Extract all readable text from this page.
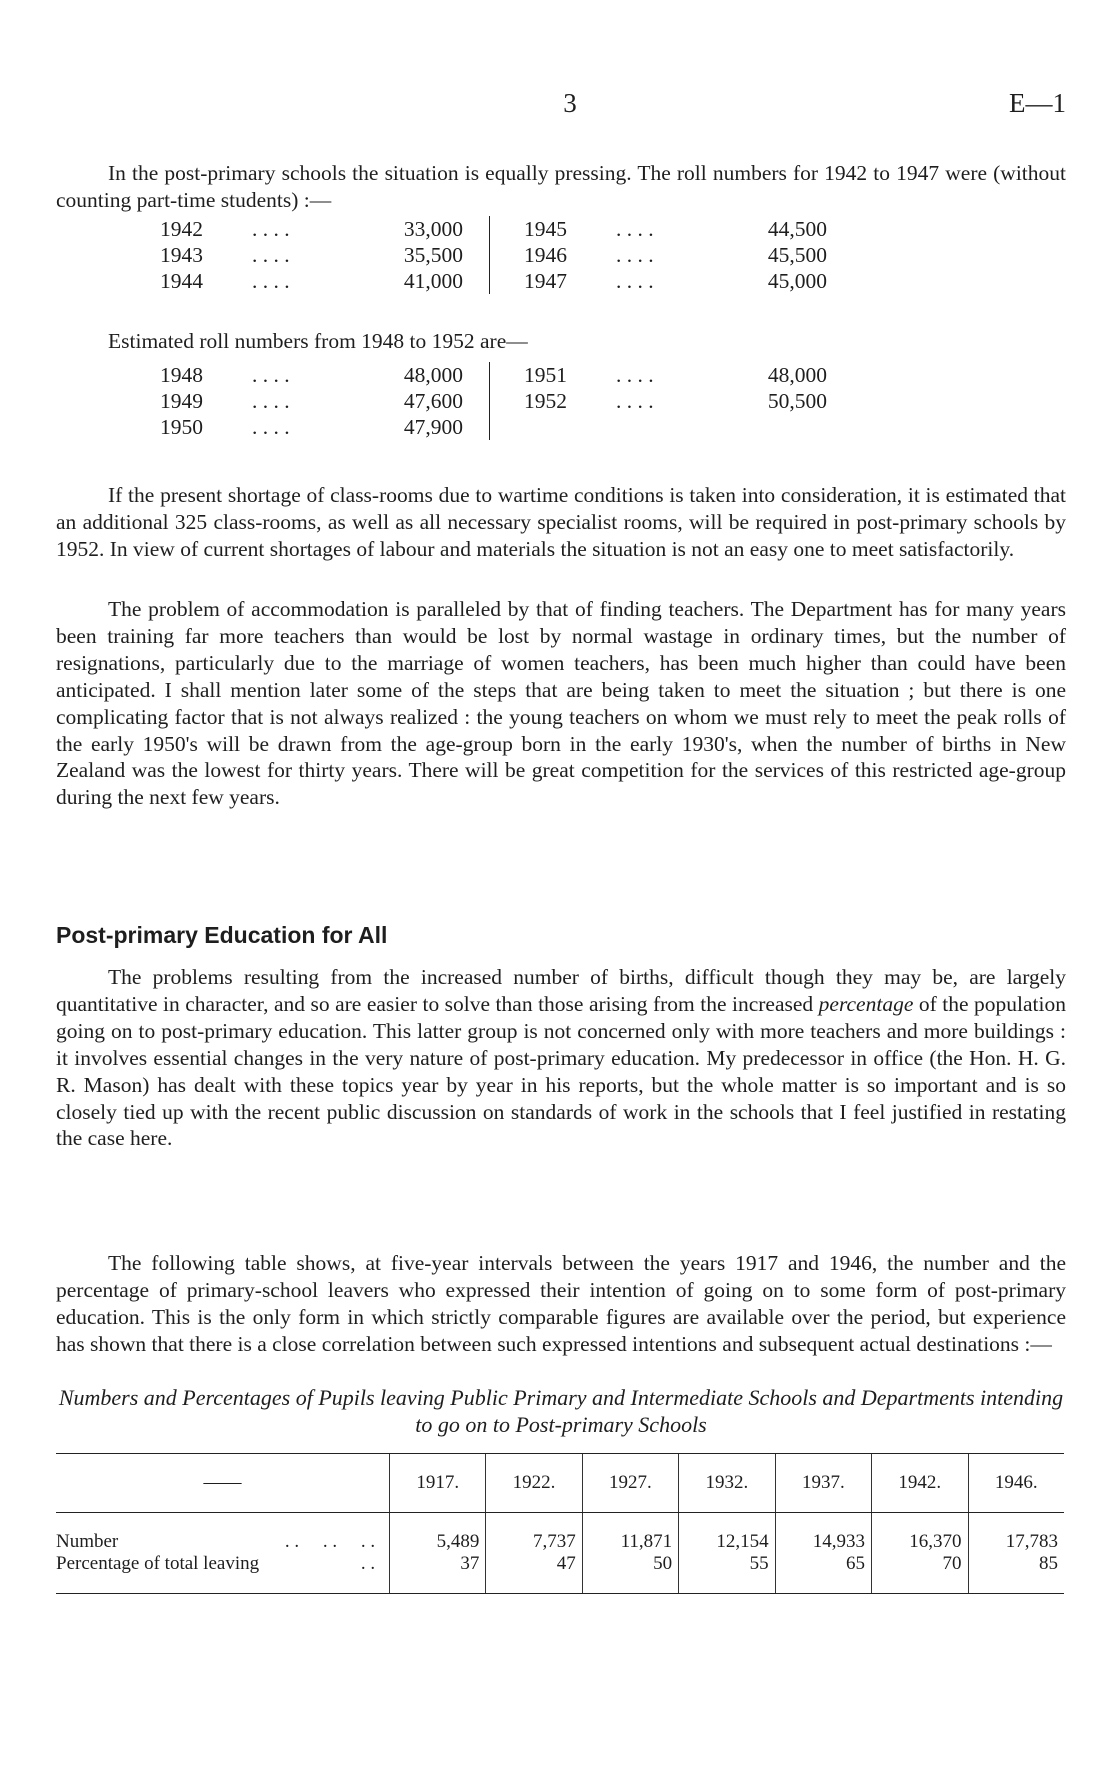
3	E—1

In the post-primary schools the situation is equally pressing. The roll numbers for 1942 to 1947 were (without counting part-time students) :—

1942	. . . .	33,000	1945	. . . .	44,500
1943	. . . .	35,500	1946	. . . .	45,500
1944	. . . .	41,000	1947	. . . .	45,000

Estimated roll numbers from 1948 to 1952 are—

1948	. . . .	48,000	1951	. . . .	48,000
1949	. . . .	47,600	1952	. . . .	50,500
1950	. . . .	47,900			

If the present shortage of class-rooms due to wartime conditions is taken into consideration, it is estimated that an additional 325 class-rooms, as well as all necessary specialist rooms, will be required in post-primary schools by 1952. In view of current shortages of labour and materials the situation is not an easy one to meet satisfactorily.

The problem of accommodation is paralleled by that of finding teachers. The Department has for many years been training far more teachers than would be lost by normal wastage in ordinary times, but the number of resignations, particularly due to the marriage of women teachers, has been much higher than could have been anticipated. I shall mention later some of the steps that are being taken to meet the situation ; but there is one complicating factor that is not always realized : the young teachers on whom we must rely to meet the peak rolls of the early 1950's will be drawn from the age-group born in the early 1930's, when the number of births in New Zealand was the lowest for thirty years. There will be great competition for the services of this restricted age-group during the next few years.

Post-primary Education for All

The problems resulting from the increased number of births, difficult though they may be, are largely quantitative in character, and so are easier to solve than those arising from the increased percentage of the population going on to post-primary education. This latter group is not concerned only with more teachers and more buildings : it involves essential changes in the very nature of post-primary education. My predecessor in office (the Hon. H. G. R. Mason) has dealt with these topics year by year in his reports, but the whole matter is so important and is so closely tied up with the recent public discussion on standards of work in the schools that I feel justified in restating the case here.

The following table shows, at five-year intervals between the years 1917 and 1946, the number and the percentage of primary-school leavers who expressed their intention of going on to some form of post-primary education. This is the only form in which strictly comparable figures are available over the period, but experience has shown that there is a close correlation between such expressed intentions and subsequent actual destinations :—

Numbers and Percentages of Pupils leaving Public Primary and Intermediate Schools and Departments intending to go on to Post-primary Schools

——	1917.	1922.	1927.	1932.	1937.	1942.	1946.

Number . .     . .     . .	5,489	7,737	11,871	12,154	14,933	16,370	17,783

Percentage of total leaving . .	37	47	50	55	65	70	85
